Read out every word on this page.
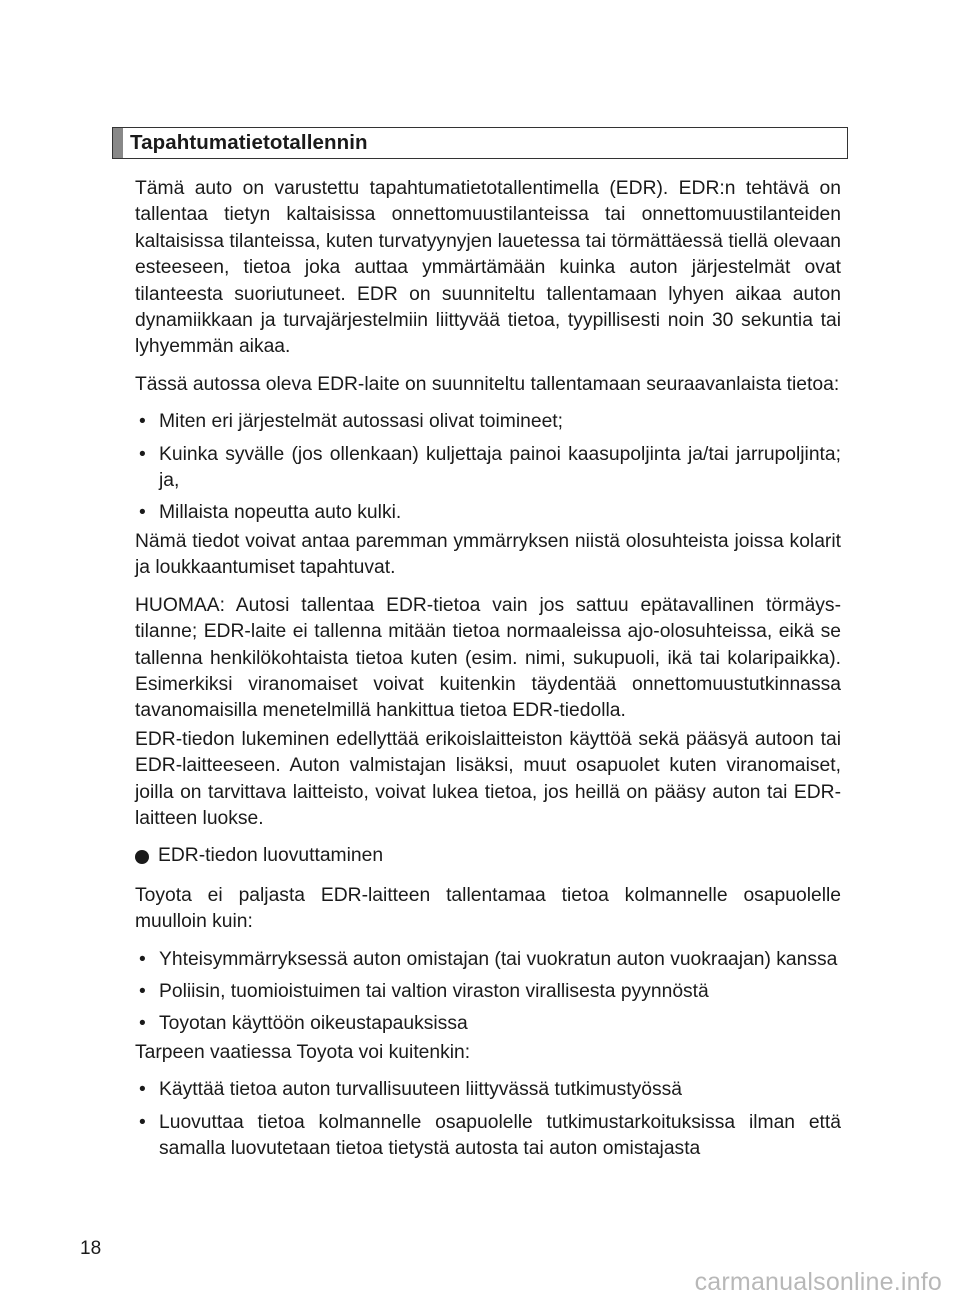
Tapahtumatietotallennin

Tämä auto on varustettu tapahtumatietotallentimella (EDR). EDR:n tehtävä on tallentaa tietyn kaltaisissa onnettomuustilanteissa tai onnettomuustilanteiden kaltaisissa tilanteissa, kuten turvatyynyjen lauetessa tai törmättäessä tiellä olevaan esteeseen, tietoa joka auttaa ymmärtämään kuinka auton järjestelmät ovat tilanteesta suoriutuneet. EDR on suunniteltu tallentamaan lyhyen aikaa auton dynamiikkaan ja turvajärjestelmiin liittyvää tietoa, tyypillisesti noin 30 sekuntia tai lyhyemmän aikaa.

Tässä autossa oleva EDR-laite on suunniteltu tallentamaan seuraavanlaista tietoa:

• Miten eri järjestelmät autossasi olivat toimineet;
• Kuinka syvälle (jos ollenkaan) kuljettaja painoi kaasupoljinta ja/tai jarrupoljinta; ja,
• Millaista nopeutta auto kulki.

Nämä tiedot voivat antaa paremman ymmärryksen niistä olosuhteista joissa kolarit ja loukkaantumiset tapahtuvat.

HUOMAA: Autosi tallentaa EDR-tietoa vain jos sattuu epätavallinen törmäystilanne; EDR-laite ei tallenna mitään tietoa normaaleissa ajo-olosuhteissa, eikä se tallenna henkilökohtaista tietoa kuten (esim. nimi, sukupuoli, ikä tai kolaripaikka). Esimerkiksi viranomaiset voivat kuitenkin täydentää onnettomuustutkinnassa tavanomaisilla menetelmillä hankittua tietoa EDR-tiedolla.

EDR-tiedon lukeminen edellyttää erikoislaitteiston käyttöä sekä pääsyä autoon tai EDR-laitteeseen. Auton valmistajan lisäksi, muut osapuolet kuten viranomaiset, joilla on tarvittava laitteisto, voivat lukea tietoa, jos heillä on pääsy auton tai EDR-laitteen luokse.

EDR-tiedon luovuttaminen

Toyota ei paljasta EDR-laitteen tallentamaa tietoa kolmannelle osapuolelle muulloin kuin:

• Yhteisymmärryksessä auton omistajan (tai vuokratun auton vuokraajan) kanssa
• Poliisin, tuomioistuimen tai valtion viraston virallisesta pyynnöstä
• Toyotan käyttöön oikeustapauksissa

Tarpeen vaatiessa Toyota voi kuitenkin:

• Käyttää tietoa auton turvallisuuteen liittyvässä tutkimustyössä
• Luovuttaa tietoa kolmannelle osapuolelle tutkimustarkoituksissa ilman että samalla luovutetaan tietoa tietystä autosta tai auton omistajasta
18
carmanualsonline.info
